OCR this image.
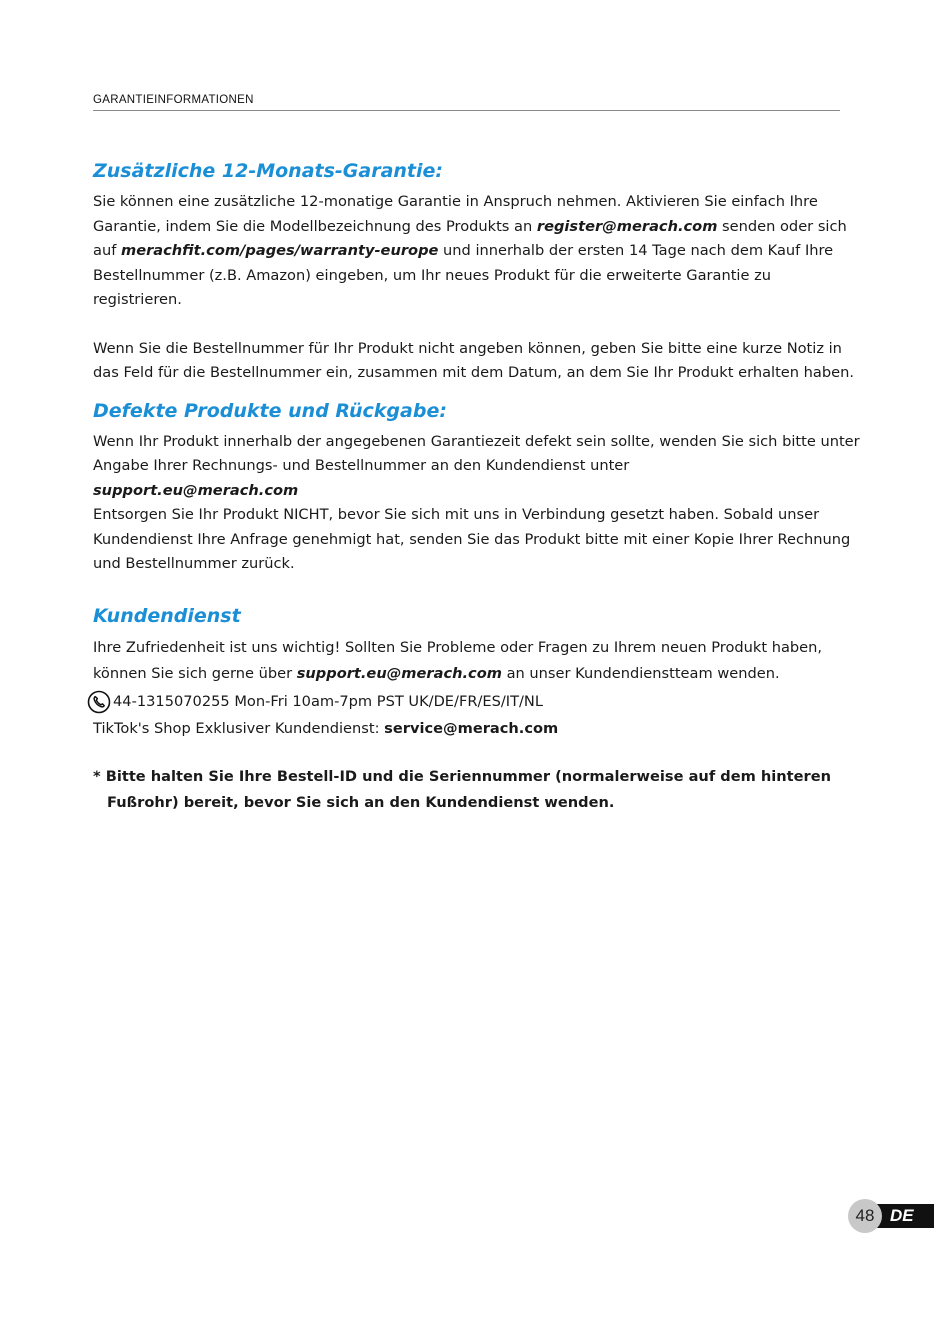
GARANTIEINFORMATIONEN
Zusätzliche 12-Monats-Garantie:

Sie können eine zusätzliche 12-monatige Garantie in Anspruch nehmen. Aktivieren Sie einfach Ihre Garantie, indem Sie die Modellbezeichnung des Produkts an register@merach.com senden oder sich auf merachfit.com/pages/warranty-europe und innerhalb der ersten 14 Tage nach dem Kauf Ihre Bestellnummer (z.B. Amazon) eingeben, um Ihr neues Produkt für die erweiterte Garantie zu registrieren.

Wenn Sie die Bestellnummer für Ihr Produkt nicht angeben können, geben Sie bitte eine kurze Notiz in das Feld für die Bestellnummer ein, zusammen mit dem Datum, an dem Sie Ihr Produkt erhalten haben.

Defekte Produkte und Rückgabe:

Wenn Ihr Produkt innerhalb der angegebenen Garantiezeit defekt sein sollte, wenden Sie sich bitte unter Angabe Ihrer Rechnungs- und Bestellnummer an den Kundendienst unter

support.eu@merach.com

Entsorgen Sie Ihr Produkt NICHT, bevor Sie sich mit uns in Verbindung gesetzt haben. Sobald unser Kundendienst Ihre Anfrage genehmigt hat, senden Sie das Produkt bitte mit einer Kopie Ihrer Rechnung und Bestellnummer zurück.

Kundendienst

Ihre Zufriedenheit ist uns wichtig! Sollten Sie Probleme oder Fragen zu Ihrem neuen Produkt haben, können Sie sich gerne über support.eu@merach.com an unser Kundendienstteam wenden.

44-1315070255 Mon-Fri 10am-7pm PST UK/DE/FR/ES/IT/NL

TikTok's Shop Exklusiver Kundendienst: service@merach.com

* Bitte halten Sie Ihre Bestell-ID und die Seriennummer (normalerweise auf dem hinteren
Fußrohr) bereit, bevor Sie sich an den Kundendienst wenden.
DE
48
